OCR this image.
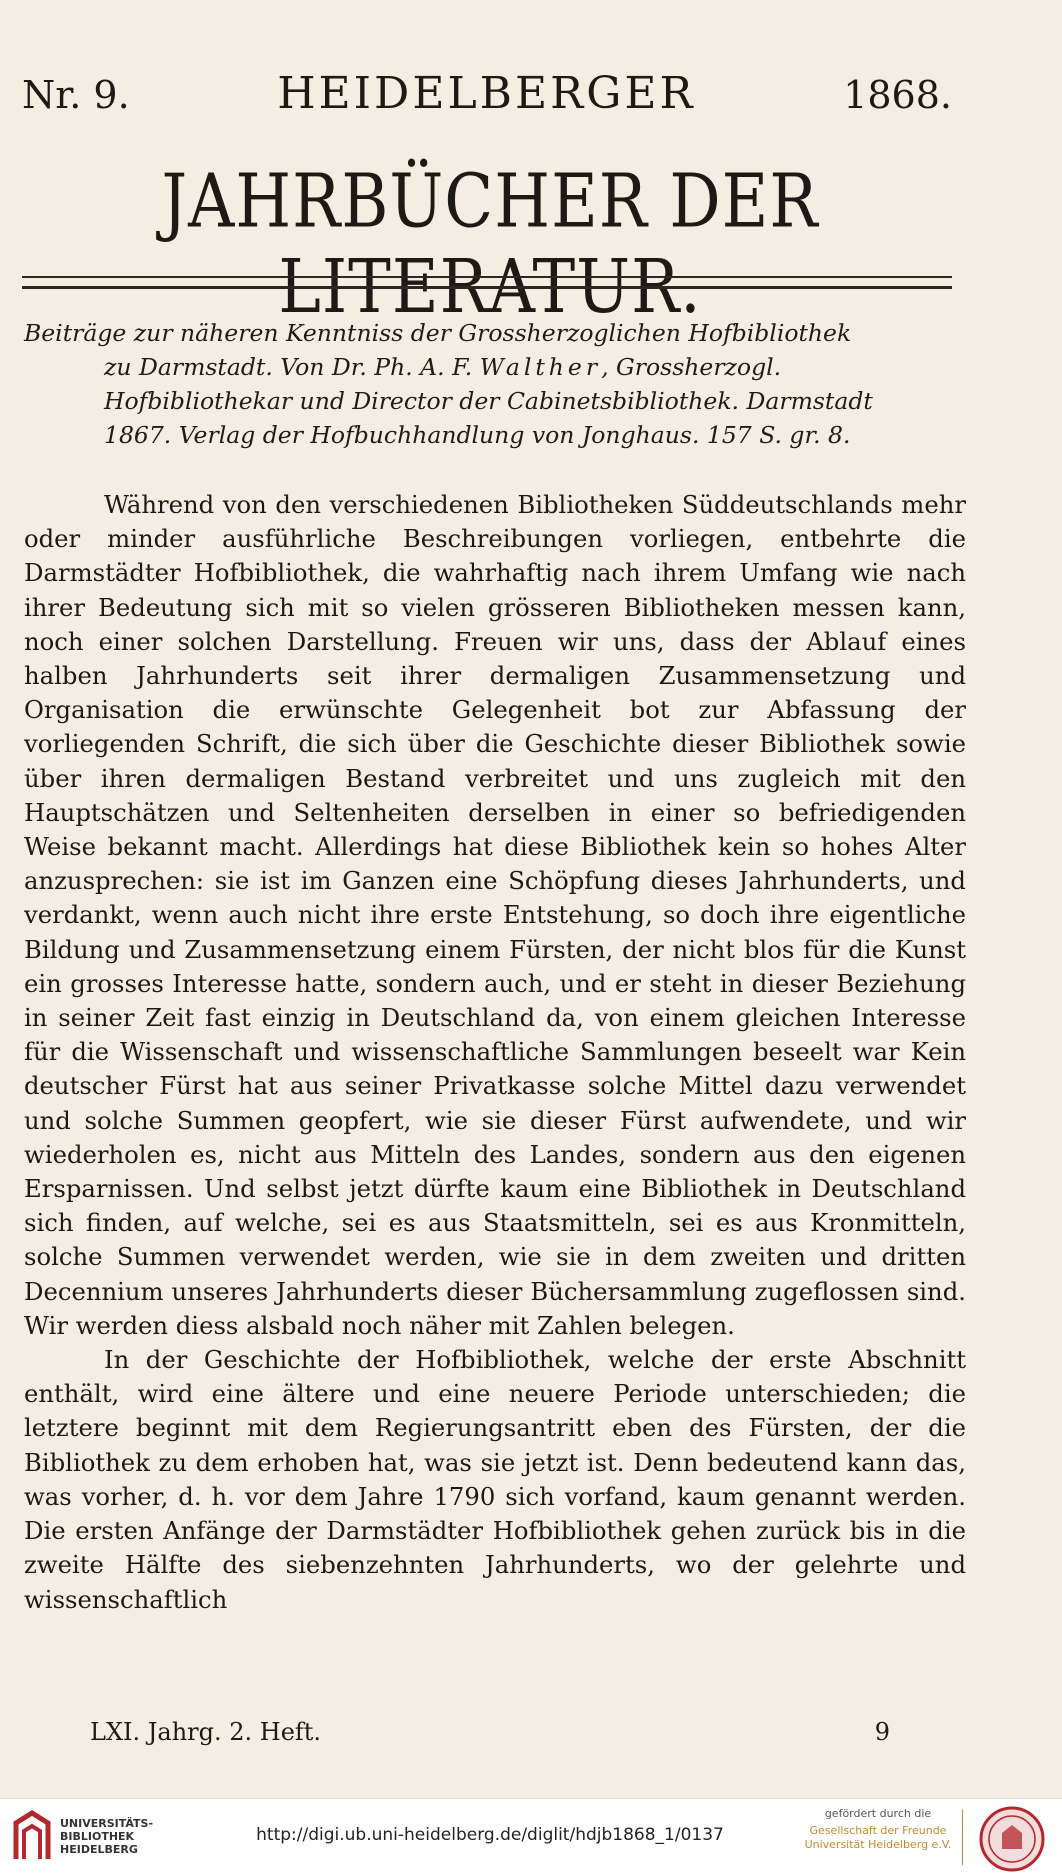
Nr. 9.	HEIDELBERGER	1868.
JAHRBÜCHER DER LITERATUR.
Beiträge zur näheren Kenntniss der Grossherzoglichen Hofbibliothek
zu Darmstadt. Von Dr. Ph. A. F. Walther, Grossherzogl.
Hofbibliothekar und Director der Cabinetsbibliothek. Darmstadt
1867. Verlag der Hofbuchhandlung von Jonghaus. 157 S. gr. 8.

Während von den verschiedenen Bibliotheken Süddeutschlands mehr oder minder ausführliche Beschreibungen vorliegen, entbehrte die Darmstädter Hofbibliothek, die wahrhaftig nach ihrem Umfang wie nach ihrer Bedeutung sich mit so vielen grösseren Bibliotheken messen kann, noch einer solchen Darstellung. Freuen wir uns, dass der Ablauf eines halben Jahrhunderts seit ihrer dermaligen Zusammensetzung und Organisation die erwünschte Gelegenheit bot zur Abfassung der vorliegenden Schrift, die sich über die Geschichte dieser Bibliothek sowie über ihren dermaligen Bestand verbreitet und uns zugleich mit den Hauptschätzen und Seltenheiten derselben in einer so befriedigenden Weise bekannt macht. Allerdings hat diese Bibliothek kein so hohes Alter anzusprechen: sie ist im Ganzen eine Schöpfung dieses Jahrhunderts, und verdankt, wenn auch nicht ihre erste Entstehung, so doch ihre eigentliche Bildung und Zusammensetzung einem Fürsten, der nicht blos für die Kunst ein grosses Interesse hatte, sondern auch, und er steht in dieser Beziehung in seiner Zeit fast einzig in Deutschland da, von einem gleichen Interesse für die Wissenschaft und wissenschaftliche Sammlungen beseelt war Kein deutscher Fürst hat aus seiner Privatkasse solche Mittel dazu verwendet und solche Summen geopfert, wie sie dieser Fürst aufwendete, und wir wiederholen es, nicht aus Mitteln des Landes, sondern aus den eigenen Ersparnissen. Und selbst jetzt dürfte kaum eine Bibliothek in Deutschland sich finden, auf welche, sei es aus Staatsmitteln, sei es aus Kronmitteln, solche Summen verwendet werden, wie sie in dem zweiten und dritten Decennium unseres Jahrhunderts dieser Büchersammlung zugeflossen sind. Wir werden diess alsbald noch näher mit Zahlen belegen.

In der Geschichte der Hofbibliothek, welche der erste Abschnitt enthält, wird eine ältere und eine neuere Periode unterschieden; die letztere beginnt mit dem Regierungsantritt eben des Fürsten, der die Bibliothek zu dem erhoben hat, was sie jetzt ist. Denn bedeutend kann das, was vorher, d. h. vor dem Jahre 1790 sich vorfand, kaum genannt werden. Die ersten Anfänge der Darmstädter Hofbibliothek gehen zurück bis in die zweite Hälfte des siebenzehnten Jahrhunderts, wo der gelehrte und wissenschaftlich

LXI. Jahrg. 2. Heft.	9
UNIVERSITÄTS-
BIBLIOTHEK
HEIDELBERG
http://digi.ub.uni-heidelberg.de/diglit/hdjb1868_1/0137
gefördert durch die
Gesellschaft der Freunde
Universität Heidelberg e.V.
